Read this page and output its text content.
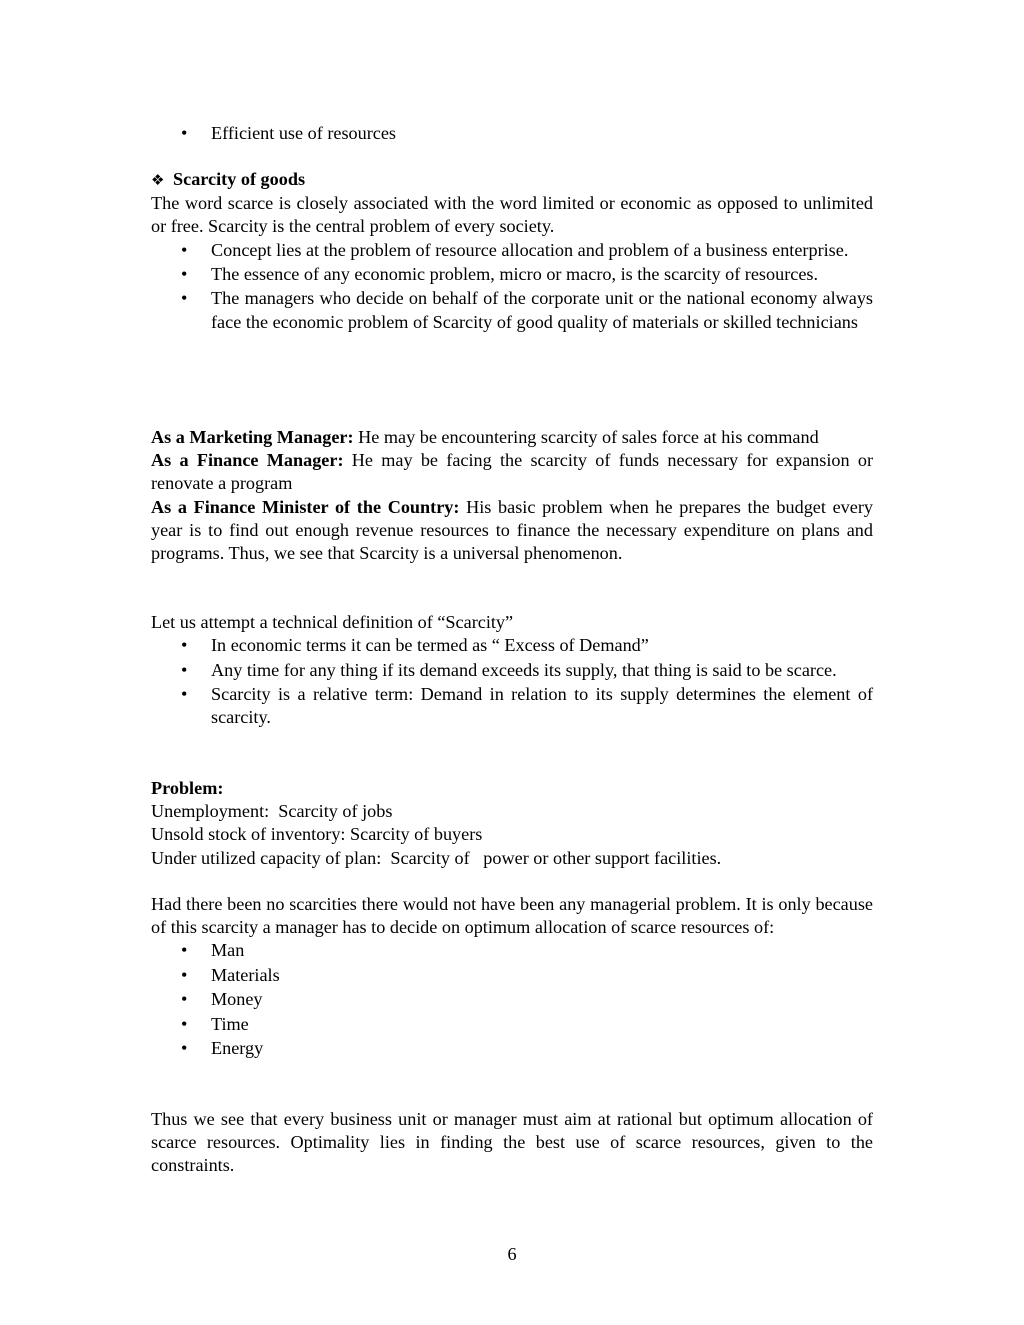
•	Efficient use of resources
❖ Scarcity of goods

The word scarce is closely associated with the word limited or economic as opposed to unlimited or free. Scarcity is the central problem of every society.

•	Concept lies at the problem of resource allocation and problem of a business enterprise.
•	The essence of any economic problem, micro or macro, is the scarcity of resources.
•	The managers who decide on behalf of the corporate unit or the national economy always face the economic problem of Scarcity of good quality of materials or skilled technicians

As a Marketing Manager: He may be encountering scarcity of sales force at his command

As a Finance Manager: He may be facing the scarcity of funds necessary for expansion or renovate a program

As a Finance Minister of the Country: His basic problem when he prepares the budget every year is to find out enough revenue resources to finance the necessary expenditure on plans and programs. Thus, we see that Scarcity is a universal phenomenon.

Let us attempt a technical definition of “Scarcity”

•	In economic terms it can be termed as “ Excess of Demand”
•	Any time for any thing if its demand exceeds its supply, that thing is said to be scarce.
•	Scarcity is a relative term: Demand in relation to its supply determines the element of scarcity.
Problem:

Unemployment:  Scarcity of jobs

Unsold stock of inventory: Scarcity of buyers

Under utilized capacity of plan:  Scarcity of   power or other support facilities.

Had there been no scarcities there would not have been any managerial problem. It is only because of this scarcity a manager has to decide on optimum allocation of scarce resources of:

•	Man
•	Materials
•	Money
•	Time
•	Energy

Thus we see that every business unit or manager must aim at rational but optimum allocation of scarce resources. Optimality lies in finding the best use of scarce resources, given to the constraints.

6
